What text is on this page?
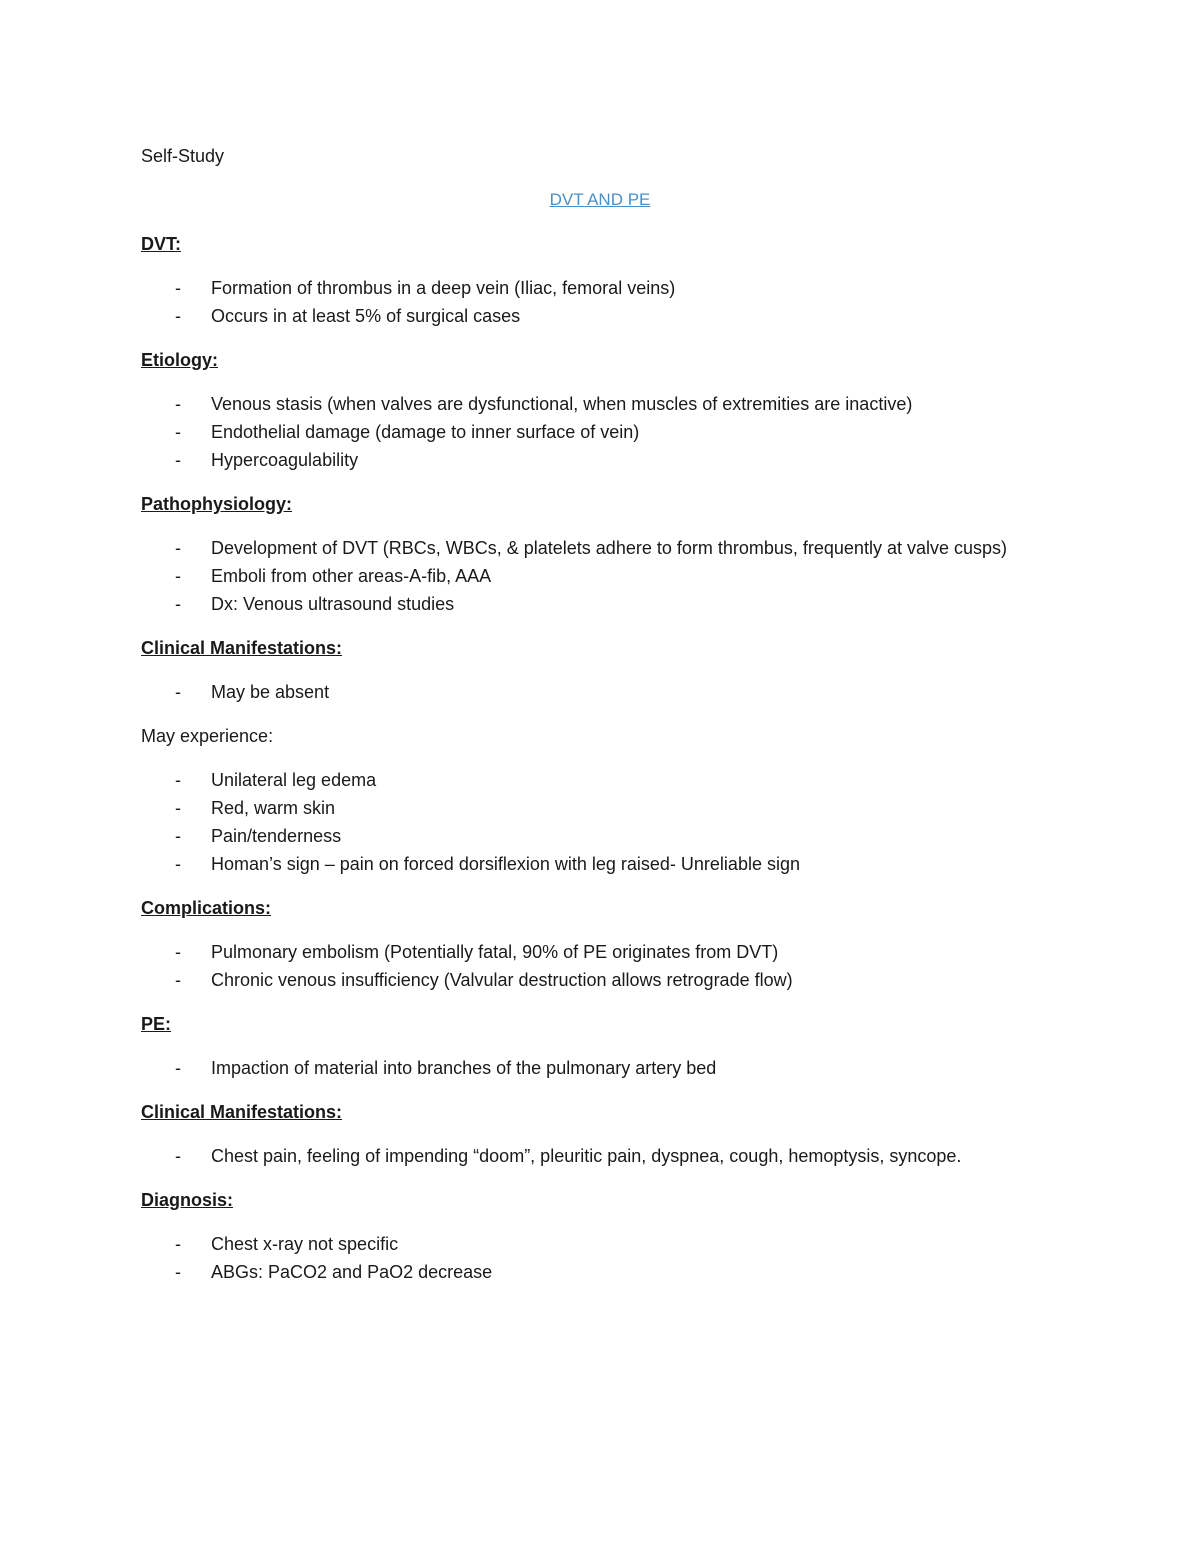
Self-Study

DVT AND PE

DVT:

- Formation of thrombus in a deep vein (Iliac, femoral veins)
- Occurs in at least 5% of surgical cases

Etiology:

- Venous stasis (when valves are dysfunctional, when muscles of extremities are inactive)
- Endothelial damage (damage to inner surface of vein)
- Hypercoagulability

Pathophysiology:

- Development of DVT (RBCs, WBCs, & platelets adhere to form thrombus, frequently at valve cusps)
- Emboli from other areas-A-fib, AAA
- Dx: Venous ultrasound studies

Clinical Manifestations:

- May be absent

May experience:

- Unilateral leg edema
- Red, warm skin
- Pain/tenderness
- Homan’s sign – pain on forced dorsiflexion with leg raised- Unreliable sign

Complications:

- Pulmonary embolism (Potentially fatal, 90% of PE originates from DVT)
- Chronic venous insufficiency (Valvular destruction allows retrograde flow)

PE:

- Impaction of material into branches of the pulmonary artery bed

Clinical Manifestations:

- Chest pain, feeling of impending “doom”, pleuritic pain, dyspnea, cough, hemoptysis, syncope.

Diagnosis:

- Chest x-ray not specific
- ABGs: PaCO2 and PaO2 decrease
